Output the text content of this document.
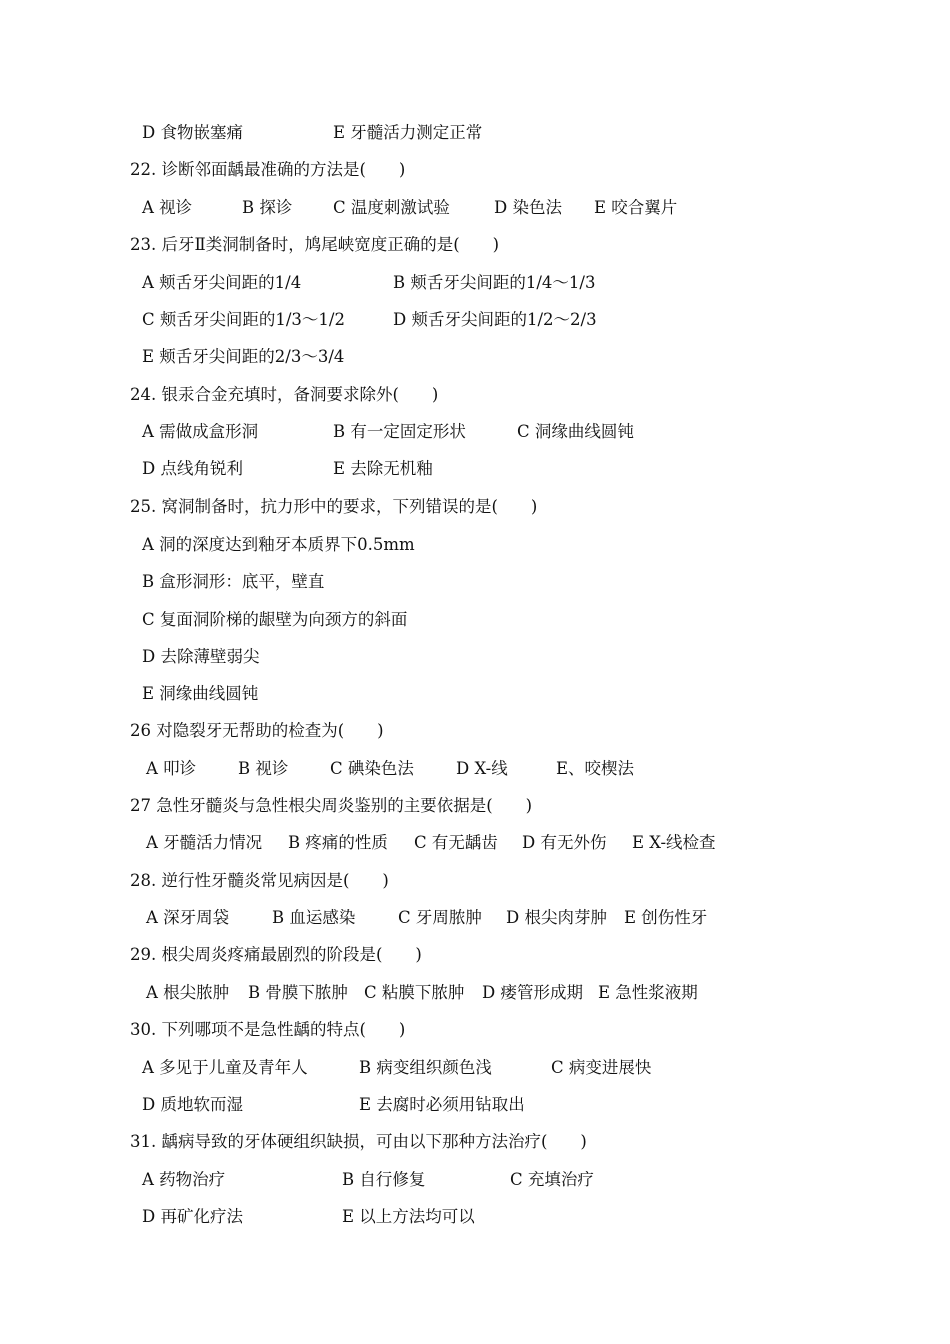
D 食物嵌塞痛	E 牙髓活力测定正常
22. 诊断邻面龋最准确的方法是(　　)
A 视诊	B 探诊 C 温度刺激试验	D 染色法 E 咬合翼片
23. 后牙Ⅱ类洞制备时，鸠尾峡宽度正确的是(　　)
A 颊舌牙尖间距的1/4	B 颊舌牙尖间距的1/4～1/3
C 颊舌牙尖间距的1/3～1/2	D 颊舌牙尖间距的1/2～2/3
E 颊舌牙尖间距的2/3～3/4
24. 银汞合金充填时，备洞要求除外(　　)
A 需做成盒形洞	B 有一定固定形状	C 洞缘曲线圆钝
D 点线角锐利	E 去除无机釉
25. 窝洞制备时，抗力形中的要求，下列错误的是(　　)
A 洞的深度达到釉牙本质界下0.5mm
B 盒形洞形：底平，壁直
C 复面洞阶梯的龈壁为向颈方的斜面
D 去除薄壁弱尖
E 洞缘曲线圆钝
26 对隐裂牙无帮助的检查为(　　)
A 叩诊	B 视诊	C 碘染色法	D X-线	E、咬楔法
27 急性牙髓炎与急性根尖周炎鉴别的主要依据是(　　)
A 牙髓活力情况 B 疼痛的性质 C 有无龋齿 D 有无外伤 E X-线检查
28. 逆行性牙髓炎常见病因是(　　)
A 深牙周袋	B 血运感染	C 牙周脓肿 D 根尖肉芽肿 E 创伤性牙
29. 根尖周炎疼痛最剧烈的阶段是(　　)
A 根尖脓肿 B 骨膜下脓肿 C 粘膜下脓肿 D 瘘管形成期 E 急性浆液期
30. 下列哪项不是急性龋的特点(　　)
A 多见于儿童及青年人	B 病变组织颜色浅	C 病变进展快
D 质地软而湿	E 去腐时必须用钻取出
31. 龋病导致的牙体硬组织缺损，可由以下那种方法治疗(　　)
A 药物治疗	B 自行修复	C 充填治疗
D 再矿化疗法	E 以上方法均可以
